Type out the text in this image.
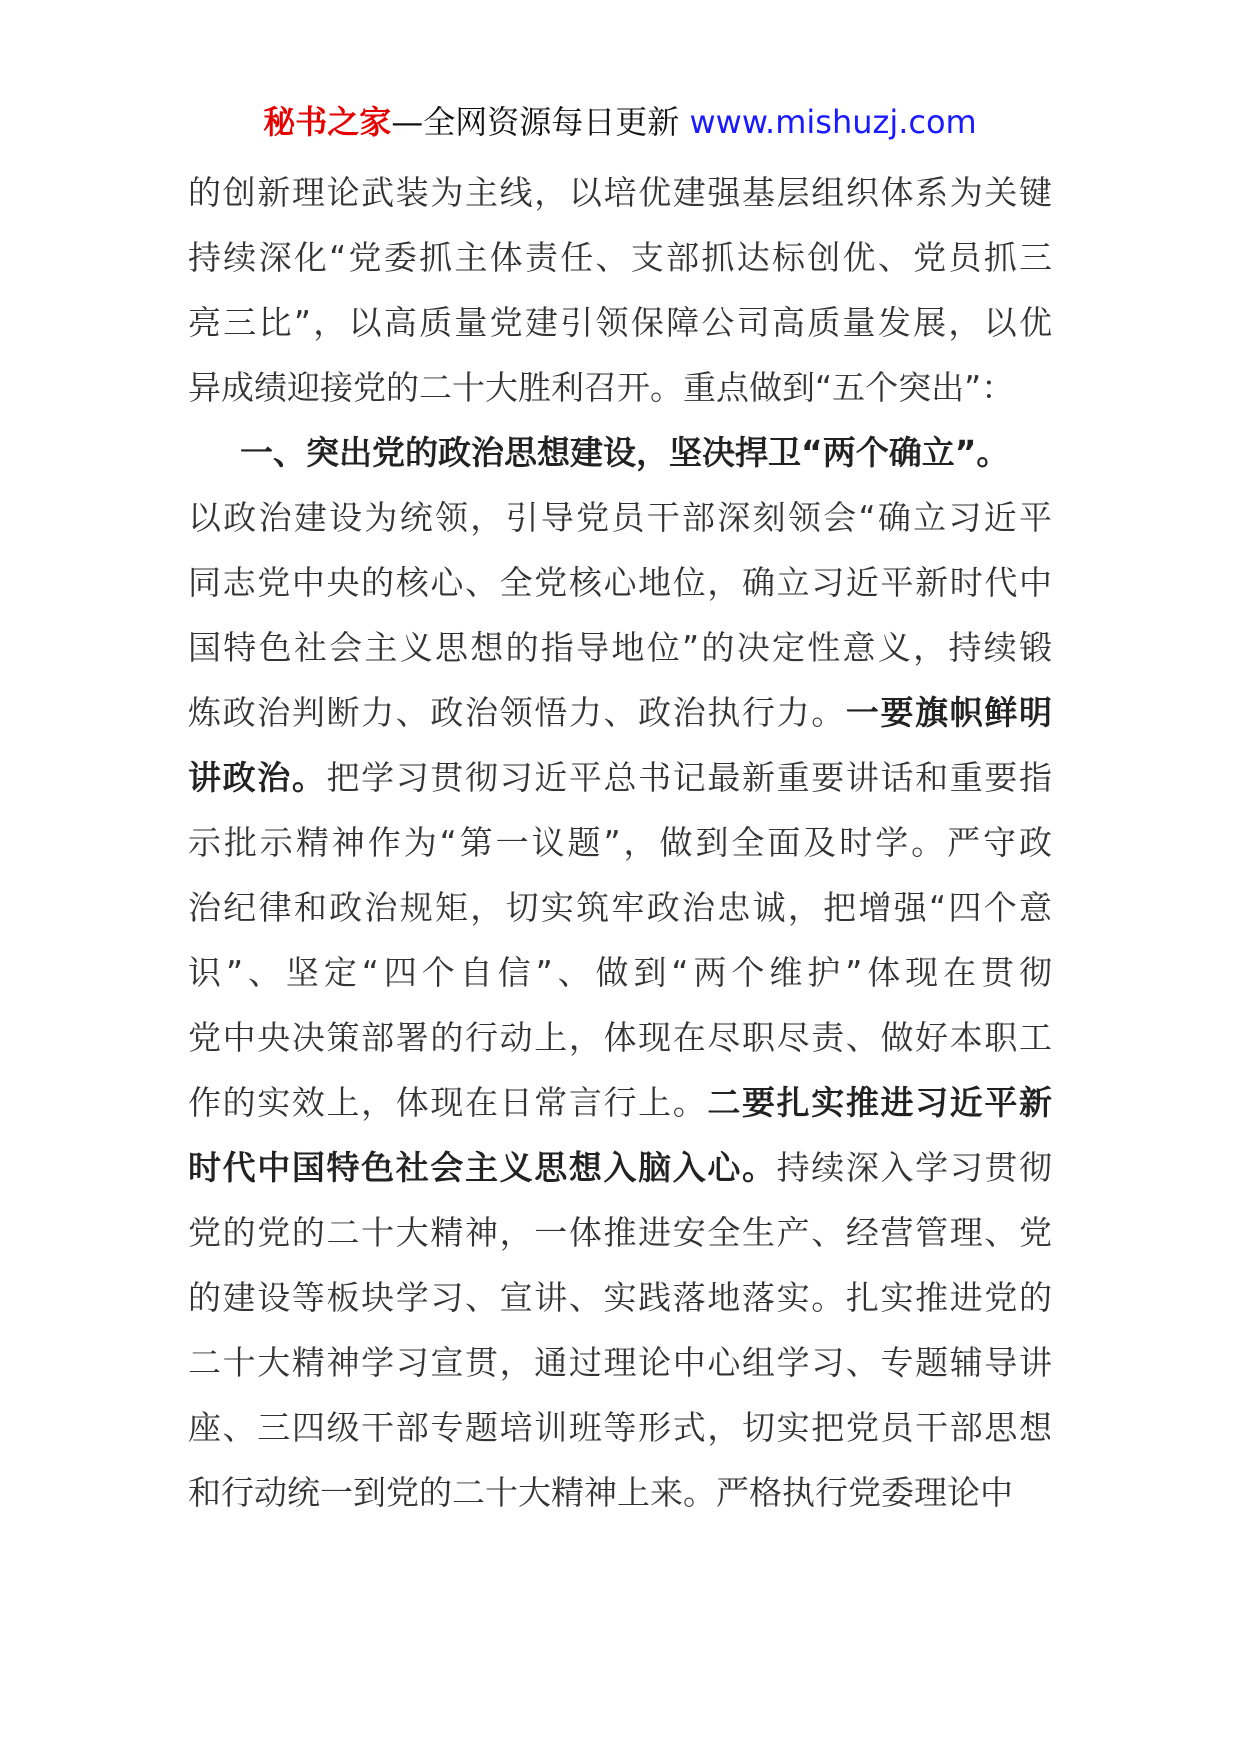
秘书之家—全网资源每日更新 www.mishuzj.com
的创新理论武装为主线，以培优建强基层组织体系为关键
持续深化“党委抓主体责任、支部抓达标创优、党员抓三
亮三比”，以高质量党建引领保障公司高质量发展，以优
异成绩迎接党的二十大胜利召开。重点做到“五个突出”：
一、突出党的政治思想建设，坚决捍卫“两个确立”。
以政治建设为统领，引导党员干部深刻领会“确立习近平
同志党中央的核心、全党核心地位，确立习近平新时代中
国特色社会主义思想的指导地位”的决定性意义，持续锻
炼政治判断力、政治领悟力、政治执行力。一要旗帜鲜明
讲政治。把学习贯彻习近平总书记最新重要讲话和重要指
示批示精神作为“第一议题”，做到全面及时学。严守政
治纪律和政治规矩，切实筑牢政治忠诚，把增强“四个意
识”、坚定“四个自信”、做到“两个维护”体现在贯彻
党中央决策部署的行动上，体现在尽职尽责、做好本职工
作的实效上，体现在日常言行上。二要扎实推进习近平新
时代中国特色社会主义思想入脑入心。持续深入学习贯彻
党的党的二十大精神，一体推进安全生产、经营管理、党
的建设等板块学习、宣讲、实践落地落实。扎实推进党的
二十大精神学习宣贯，通过理论中心组学习、专题辅导讲
座、三四级干部专题培训班等形式，切实把党员干部思想
和行动统一到党的二十大精神上来。严格执行党委理论中
